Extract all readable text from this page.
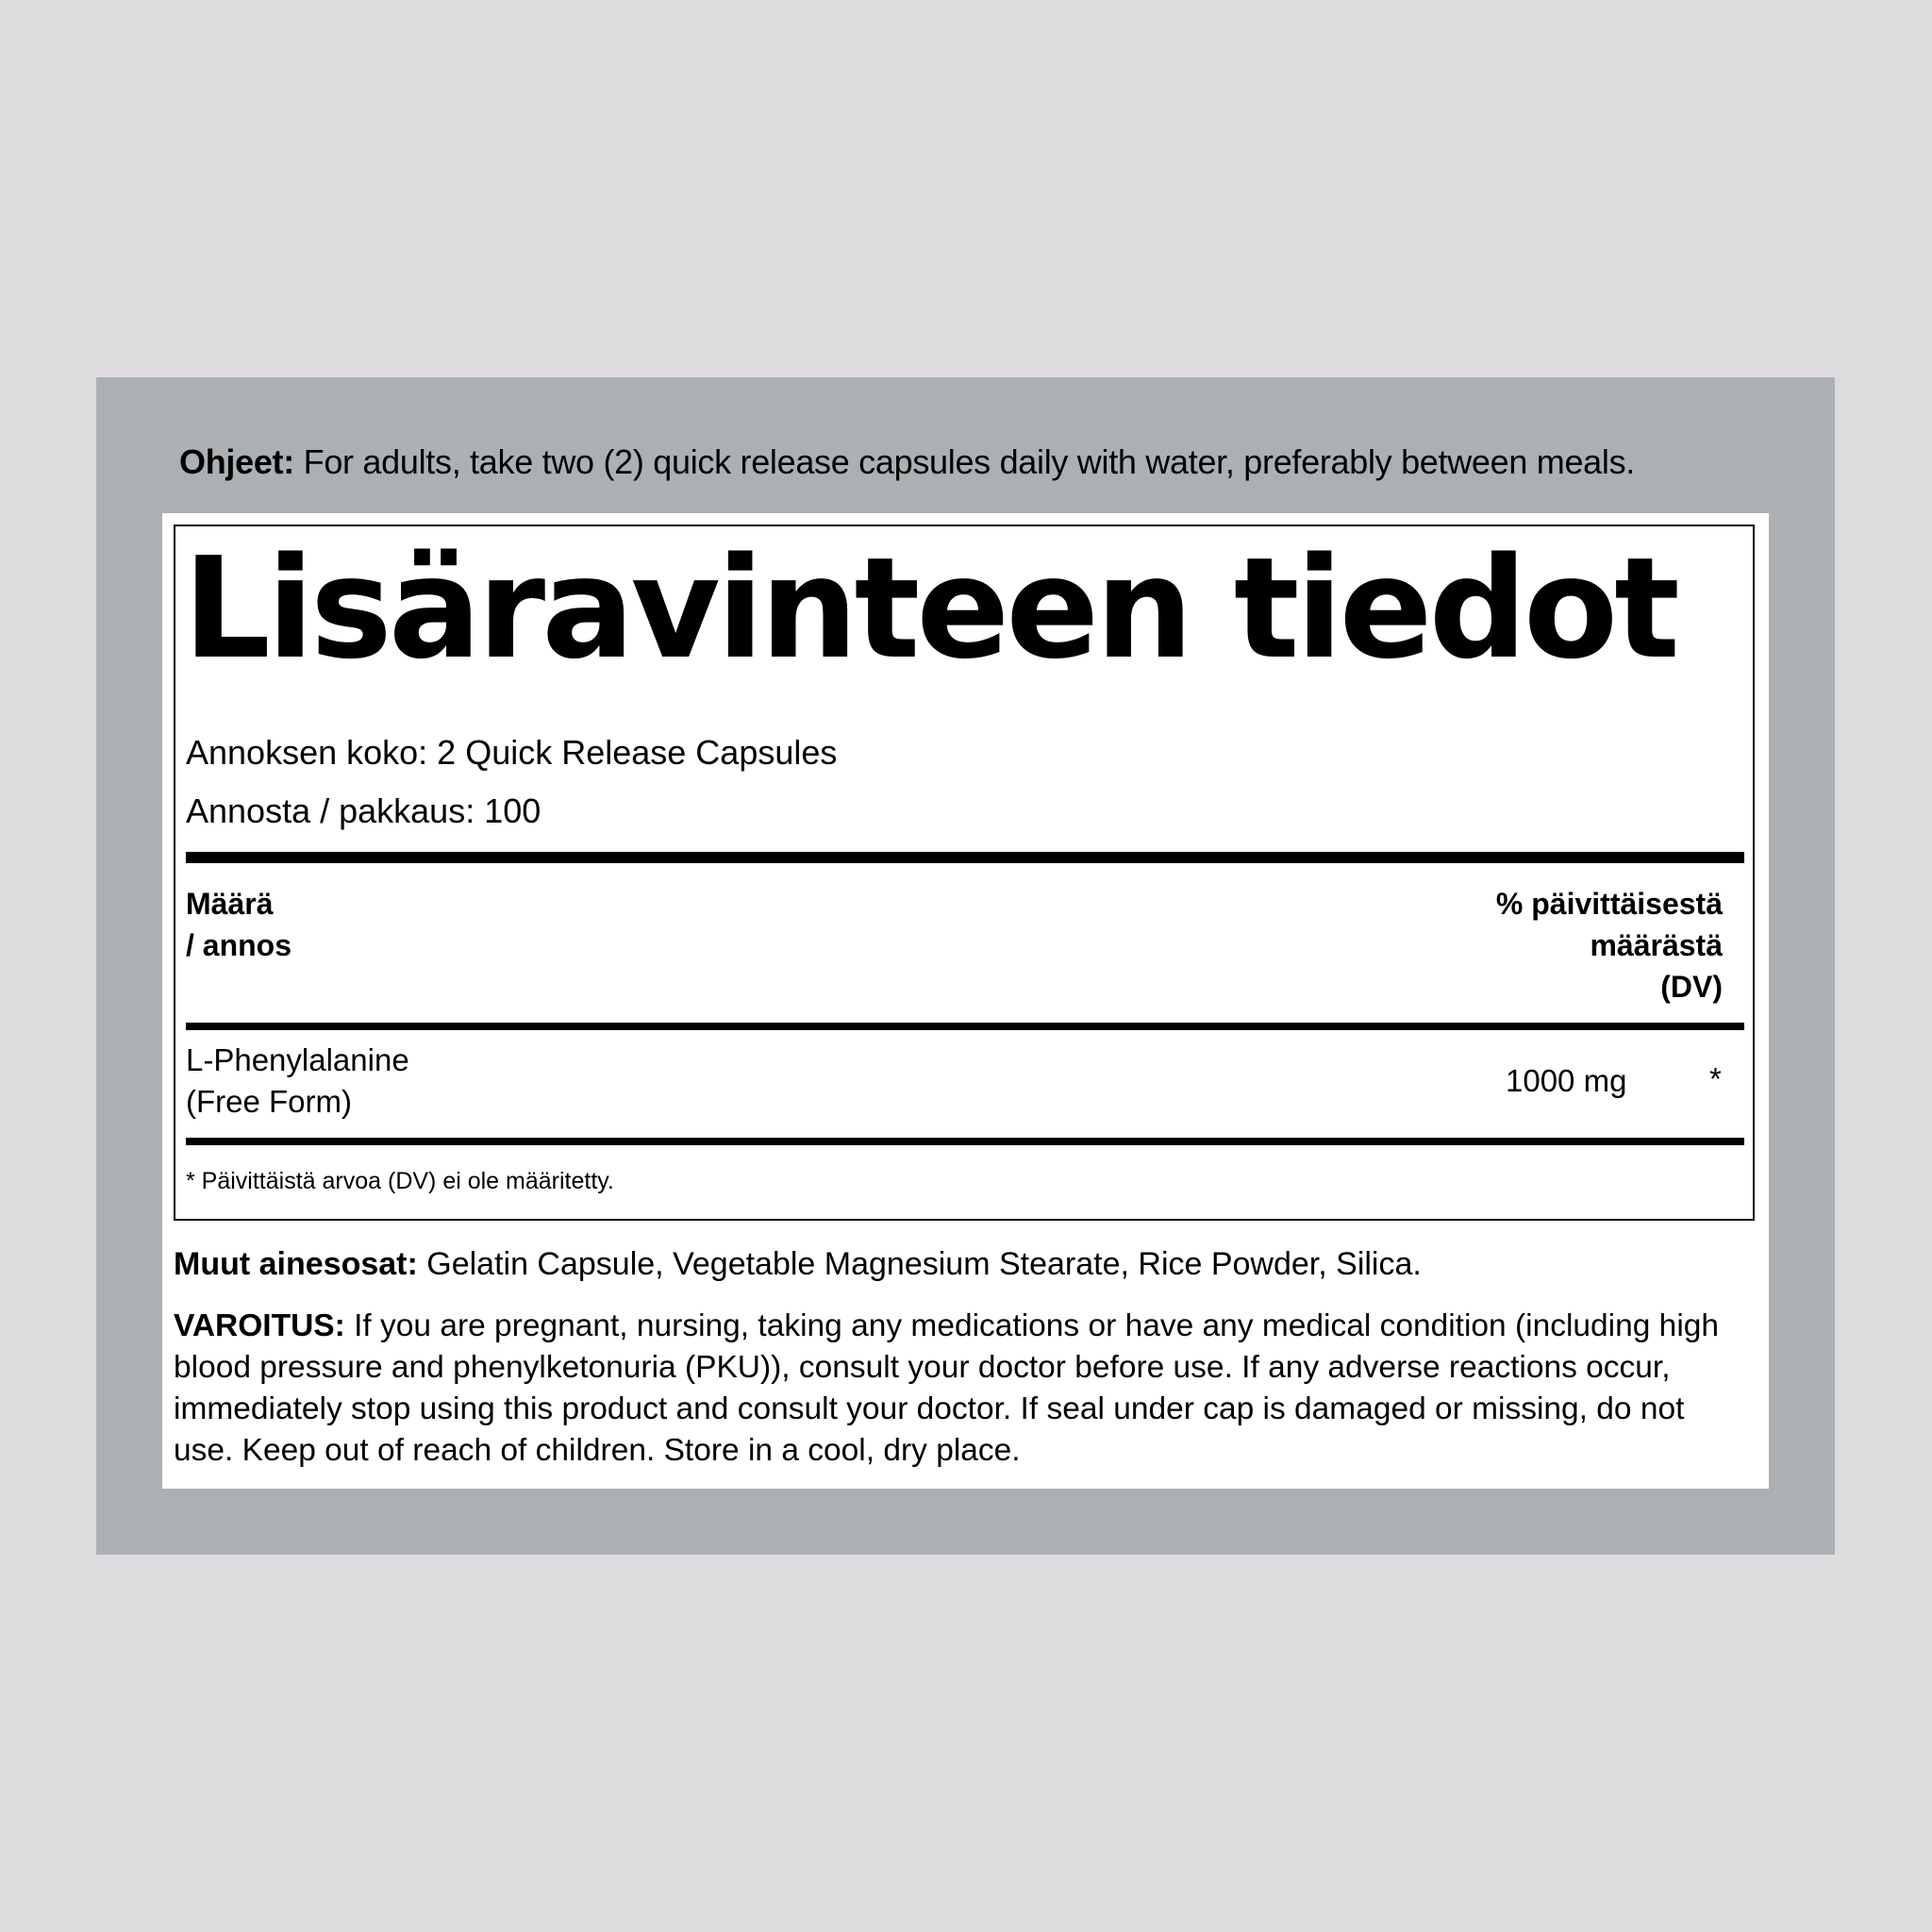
Ohjeet: For adults, take two (2) quick release capsules daily with water, preferably between meals.
Lisäravinteen tiedot
Annoksen koko: 2 Quick Release Capsules
Annosta / pakkaus: 100
Määrä
/ annos
% päivittäisestä
määrästä
(DV)
L-Phenylalanine
(Free Form)
1000 mg	*
* Päivittäistä arvoa (DV) ei ole määritetty.
Muut ainesosat: Gelatin Capsule, Vegetable Magnesium Stearate, Rice Powder, Silica.
VAROITUS: If you are pregnant, nursing, taking any medications or have any medical condition (including high blood pressure and phenylketonuria (PKU)), consult your doctor before use. If any adverse reactions occur, immediately stop using this product and consult your doctor. If seal under cap is damaged or missing, do not use. Keep out of reach of children. Store in a cool, dry place.
